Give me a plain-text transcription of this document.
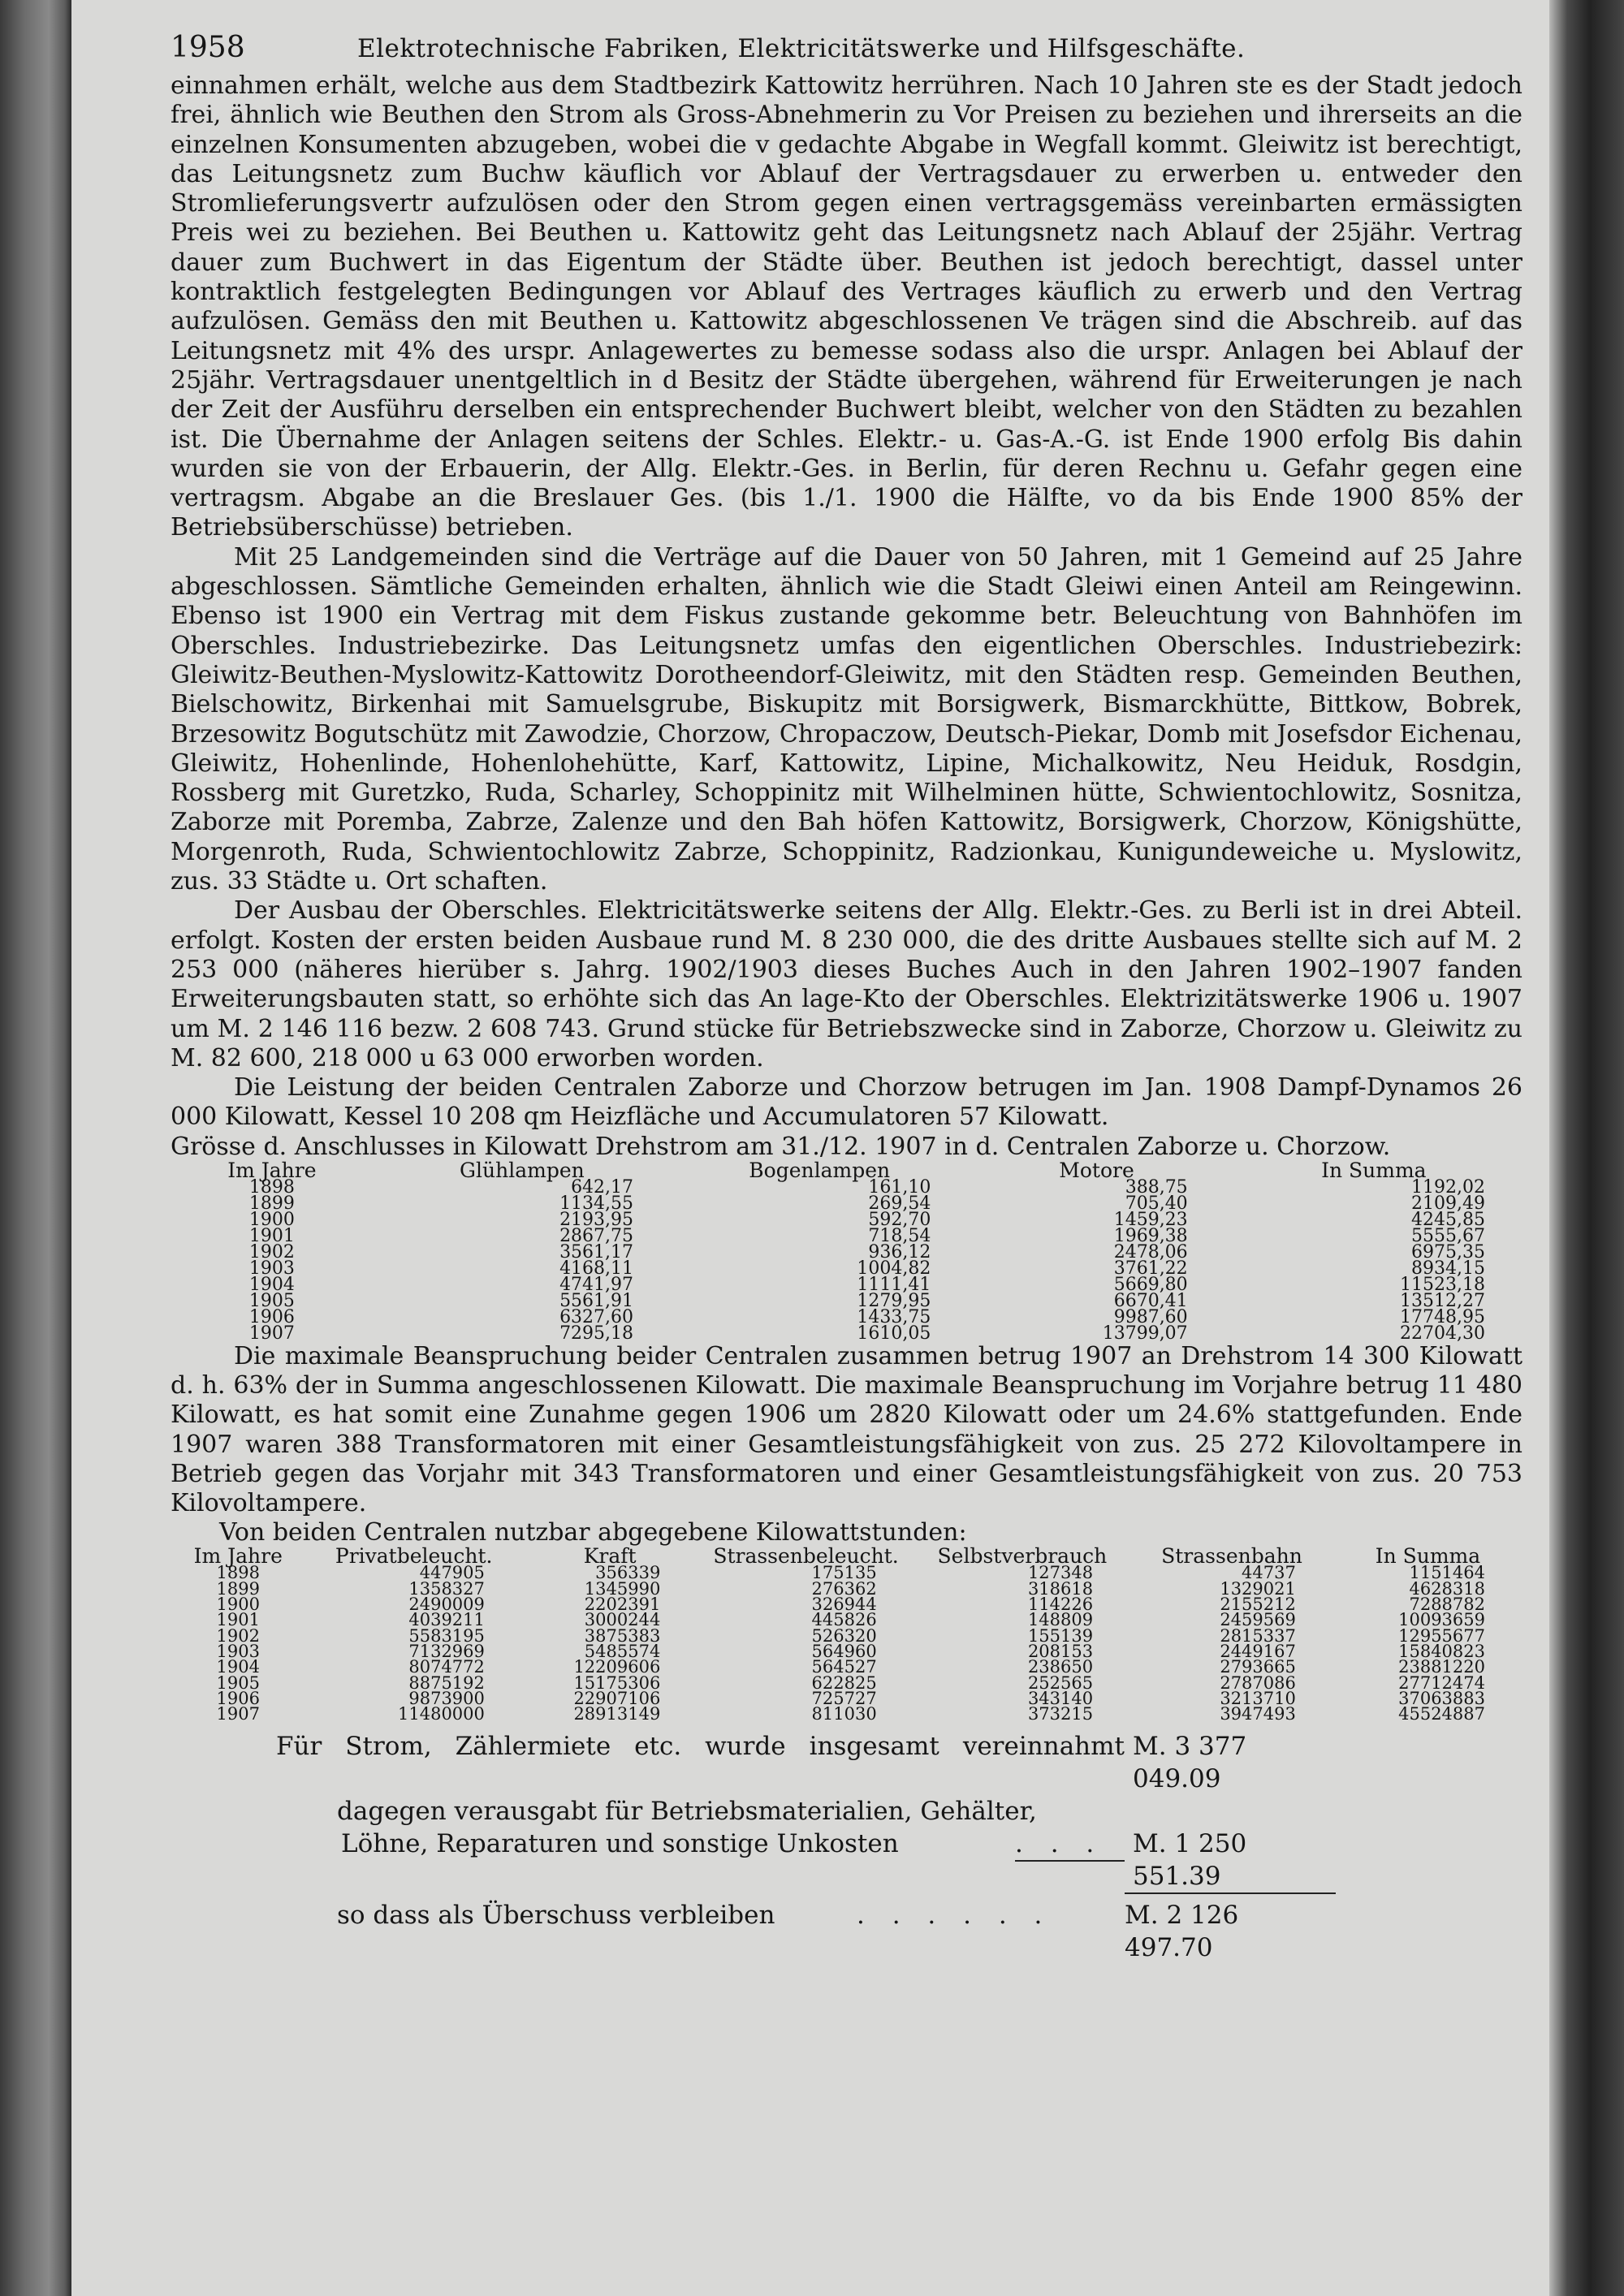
1958	Elektrotechnische Fabriken, Elektricitätswerke und Hilfsgeschäfte.

einnahmen erhält, welche aus dem Stadtbezirk Kattowitz herrühren. Nach 10 Jahren ste es der Stadt jedoch frei, ähnlich wie Beuthen den Strom als Gross-Abnehmerin zu Vor Preisen zu beziehen und ihrerseits an die einzelnen Konsumenten abzugeben, wobei die v gedachte Abgabe in Wegfall kommt. Gleiwitz ist berechtigt, das Leitungsnetz zum Buchw käuflich vor Ablauf der Vertragsdauer zu erwerben u. entweder den Stromlieferungsvertr aufzulösen oder den Strom gegen einen vertragsgemäss vereinbarten ermässigten Preis wei zu beziehen. Bei Beuthen u. Kattowitz geht das Leitungsnetz nach Ablauf der 25jähr. Vertrag dauer zum Buchwert in das Eigentum der Städte über. Beuthen ist jedoch berechtigt, dassel unter kontraktlich festgelegten Bedingungen vor Ablauf des Vertrages käuflich zu erwerb und den Vertrag aufzulösen. Gemäss den mit Beuthen u. Kattowitz abgeschlossenen Ve trägen sind die Abschreib. auf das Leitungsnetz mit 4% des urspr. Anlagewertes zu bemesse sodass also die urspr. Anlagen bei Ablauf der 25jähr. Vertragsdauer unentgeltlich in d Besitz der Städte übergehen, während für Erweiterungen je nach der Zeit der Ausführu derselben ein entsprechender Buchwert bleibt, welcher von den Städten zu bezahlen ist. Die Übernahme der Anlagen seitens der Schles. Elektr.- u. Gas-A.-G. ist Ende 1900 erfolg Bis dahin wurden sie von der Erbauerin, der Allg. Elektr.-Ges. in Berlin, für deren Rechnu u. Gefahr gegen eine vertragsm. Abgabe an die Breslauer Ges. (bis 1./1. 1900 die Hälfte, vo da bis Ende 1900 85% der Betriebsüberschüsse) betrieben.

Mit 25 Landgemeinden sind die Verträge auf die Dauer von 50 Jahren, mit 1 Gemeind auf 25 Jahre abgeschlossen. Sämtliche Gemeinden erhalten, ähnlich wie die Stadt Gleiwi einen Anteil am Reingewinn. Ebenso ist 1900 ein Vertrag mit dem Fiskus zustande gekomme betr. Beleuchtung von Bahnhöfen im Oberschles. Industriebezirke. Das Leitungsnetz umfas den eigentlichen Oberschles. Industriebezirk: Gleiwitz-Beuthen-Myslowitz-Kattowitz Dorotheendorf-Gleiwitz, mit den Städten resp. Gemeinden Beuthen, Bielschowitz, Birkenhai mit Samuelsgrube, Biskupitz mit Borsigwerk, Bismarckhütte, Bittkow, Bobrek, Brzesowitz Bogutschütz mit Zawodzie, Chorzow, Chropaczow, Deutsch-Piekar, Domb mit Josefsdor Eichenau, Gleiwitz, Hohenlinde, Hohenlohehütte, Karf, Kattowitz, Lipine, Michalkowitz, Neu Heiduk, Rosdgin, Rossberg mit Guretzko, Ruda, Scharley, Schoppinitz mit Wilhelminen hütte, Schwientochlowitz, Sosnitza, Zaborze mit Poremba, Zabrze, Zalenze und den Bah höfen Kattowitz, Borsigwerk, Chorzow, Königshütte, Morgenroth, Ruda, Schwientochlowitz Zabrze, Schoppinitz, Radzionkau, Kunigundeweiche u. Myslowitz, zus. 33 Städte u. Ort schaften.

Der Ausbau der Oberschles. Elektricitätswerke seitens der Allg. Elektr.-Ges. zu Berli ist in drei Abteil. erfolgt. Kosten der ersten beiden Ausbaue rund M. 8 230 000, die des dritte Ausbaues stellte sich auf M. 2 253 000 (näheres hierüber s. Jahrg. 1902/1903 dieses Buches Auch in den Jahren 1902–1907 fanden Erweiterungsbauten statt, so erhöhte sich das An lage-Kto der Oberschles. Elektrizitätswerke 1906 u. 1907 um M. 2 146 116 bezw. 2 608 743. Grund stücke für Betriebszwecke sind in Zaborze, Chorzow u. Gleiwitz zu M. 82 600, 218 000 u 63 000 erworben worden.

Die Leistung der beiden Centralen Zaborze und Chorzow betrugen im Jan. 1908 Dampf-Dynamos 26 000 Kilowatt, Kessel 10 208 qm Heizfläche und Accumulatoren 57 Kilowatt.

Grösse d. Anschlusses in Kilowatt Drehstrom am 31./12. 1907 in d. Centralen Zaborze u. Chorzow.

Im Jahre	Glühlampen	Bogenlampen	Motore	In Summa
1898	642,17	161,10	388,75	1192,02
1899	1134,55	269,54	705,40	2109,49
1900	2193,95	592,70	1459,23	4245,85
1901	2867,75	718,54	1969,38	5555,67
1902	3561,17	936,12	2478,06	6975,35
1903	4168,11	1004,82	3761,22	8934,15
1904	4741,97	1111,41	5669,80	11523,18
1905	5561,91	1279,95	6670,41	13512,27
1906	6327,60	1433,75	9987,60	17748,95
1907	7295,18	1610,05	13799,07	22704,30

Die maximale Beanspruchung beider Centralen zusammen betrug 1907 an Drehstrom 14 300 Kilowatt d. h. 63% der in Summa angeschlossenen Kilowatt. Die maximale Beanspruchung im Vorjahre betrug 11 480 Kilowatt, es hat somit eine Zunahme gegen 1906 um 2820 Kilowatt oder um 24.6% stattgefunden. Ende 1907 waren 388 Transformatoren mit einer Gesamtleistungsfähigkeit von zus. 25 272 Kilovoltampere in Betrieb gegen das Vorjahr mit 343 Transformatoren und einer Gesamtleistungsfähigkeit von zus. 20 753 Kilovoltampere.

Von beiden Centralen nutzbar abgegebene Kilowattstunden:

Im Jahre	Privatbeleucht.	Kraft	Strassenbeleucht.	Selbstverbrauch	Strassenbahn	In Summa
1898	447905	356339	175135	127348	44737	1151464
1899	1358327	1345990	276362	318618	1329021	4628318
1900	2490009	2202391	326944	114226	2155212	7288782
1901	4039211	3000244	445826	148809	2459569	10093659
1902	5583195	3875383	526320	155139	2815337	12955677
1903	7132969	5485574	564960	208153	2449167	15840823
1904	8074772	12209606	564527	238650	2793665	23881220
1905	8875192	15175306	622825	252565	2787086	27712474
1906	9873900	22907106	725727	343140	3213710	37063883
1907	11480000	28913149	811030	373215	3947493	45524887
Für Strom, Zählermiete etc. wurde insgesamt vereinnahmt M. 3 377 049.09
dagegen verausgabt für Betriebsmaterialien, Gehälter,
Löhne, Reparaturen und sonstige Unkosten	. . .	M. 1 250 551.39
so dass als Überschuss verbleiben	. . . . . .	M. 2 126 497.70
